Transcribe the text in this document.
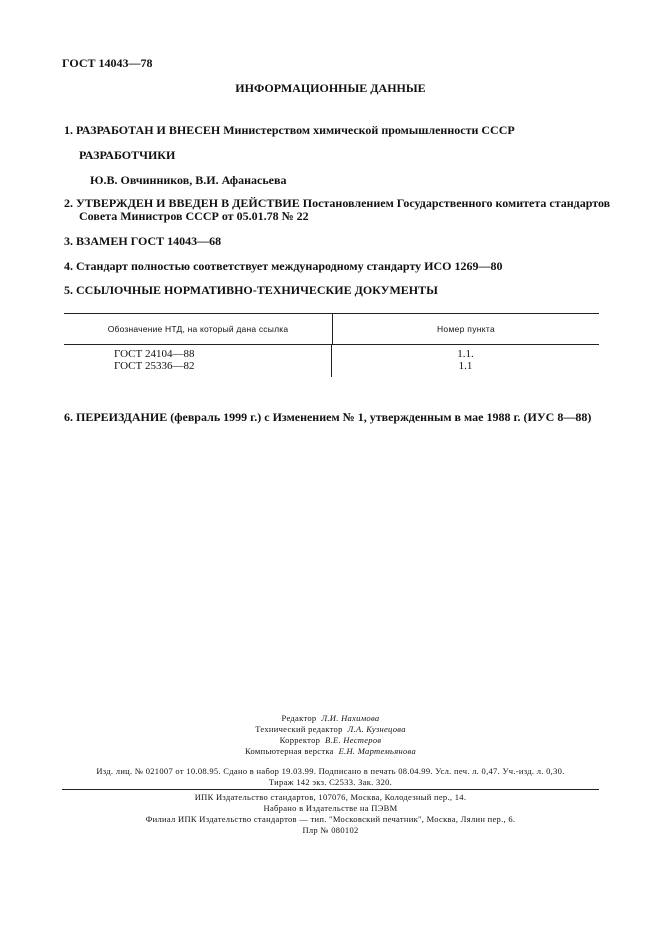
ГОСТ 14043—78
ИНФОРМАЦИОННЫЕ ДАННЫЕ
1. РАЗРАБОТАН И ВНЕСЕН Министерством химической промышленности СССР
РАЗРАБОТЧИКИ
Ю.В. Овчинников, В.И. Афанасьева
2. УТВЕРЖДЕН И ВВЕДЕН В ДЕЙСТВИЕ Постановлением Государственного комитета стандартов
Совета Министров СССР от 05.01.78 № 22
3. ВЗАМЕН ГОСТ 14043—68
4. Стандарт полностью соответствует международному стандарту ИСО 1269—80
5. ССЫЛОЧНЫЕ НОРМАТИВНО-ТЕХНИЧЕСКИЕ ДОКУМЕНТЫ
Обозначение НТД, на который дана ссылка	Номер пункта
ГОСТ 24104—88
ГОСТ 25336—82
1.1.
1.1
6. ПЕРЕИЗДАНИЕ (февраль 1999 г.) с Изменением № 1, утвержденным в мае 1988 г. (ИУС 8—88)
Редактор Л.И. Нахимова
Технический редактор Л.А. Кузнецова
Корректор В.Е. Нестеров
Компьютерная верстка Е.Н. Мартемьянова
Изд. лиц. № 021007 от 10.08.95. Сдано в набор 19.03.99. Подписано в печать 08.04.99. Усл. печ. л. 0,47. Уч.-изд. л. 0,30.
Тираж 142 экз. С2533. Зак. 320.
ИПК Издательство стандартов, 107076, Москва, Колодезный пер., 14.
Набрано в Издательстве на ПЭВМ
Филиал ИПК Издательство стандартов — тип. "Московский печатник", Москва, Лялин пер., 6.
Плр № 080102
